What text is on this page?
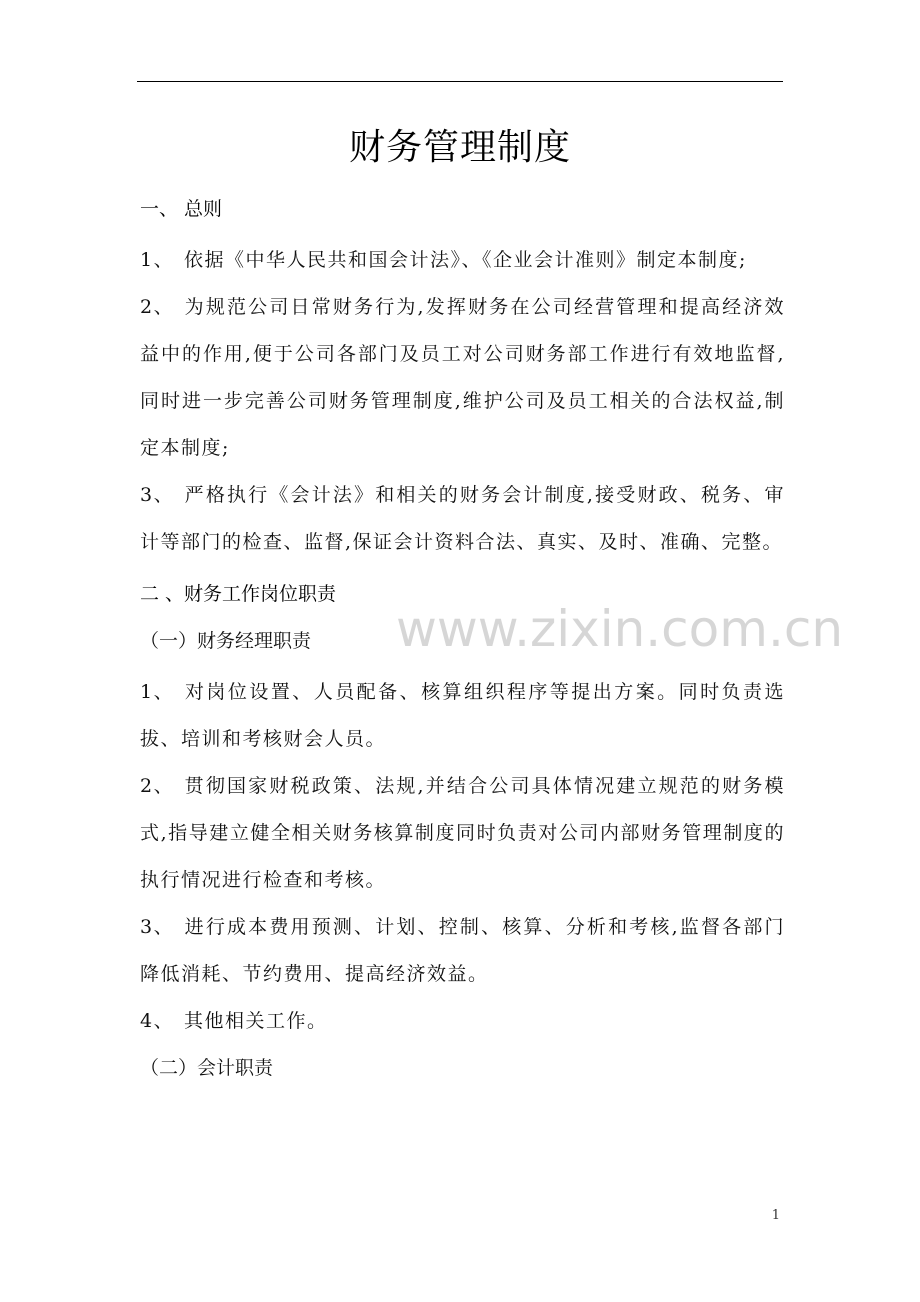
财务管理制度
一、 总则

1、 依据《中华人民共和国会计法》、《企业会计准则》制定本制度;

2、 为规范公司日常财务行为,发挥财务在公司经营管理和提高经济效益中的作用,便于公司各部门及员工对公司财务部工作进行有效地监督,同时进一步完善公司财务管理制度,维护公司及员工相关的合法权益,制定本制度;

3、 严格执行《会计法》和相关的财务会计制度,接受财政、税务、审计等部门的检查、监督,保证会计资料合法、真实、及时、准确、完整。

二 、财务工作岗位职责
（一）财务经理职责

1、 对岗位设置、人员配备、核算组织程序等提出方案。同时负责选拔、培训和考核财会人员。

2、 贯彻国家财税政策、法规,并结合公司具体情况建立规范的财务模式,指导建立健全相关财务核算制度同时负责对公司内部财务管理制度的执行情况进行检查和考核。

3、 进行成本费用预测、计划、控制、核算、分析和考核,监督各部门降低消耗、节约费用、提高经济效益。

4、 其他相关工作。

（二）会计职责
www.zixin.com.cn
1
